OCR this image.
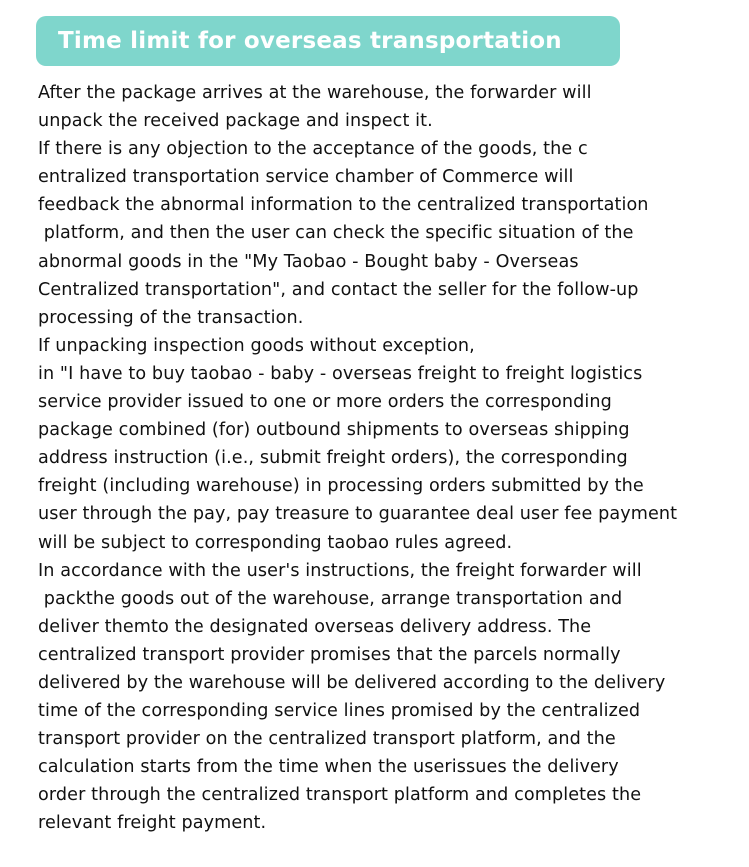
Time limit for overseas transportation
After the package arrives at the warehouse, the forwarder will
unpack the received package and inspect it.
If there is any objection to the acceptance of the goods, the c
entralized transportation service chamber of Commerce will
feedback the abnormal information to the centralized transportation
platform, and then the user can check the specific situation of the
abnormal goods in the "My Taobao - Bought baby - Overseas
Centralized transportation", and contact the seller for the follow-up
processing of the transaction.
If unpacking inspection goods without exception,
in "I have to buy taobao - baby - overseas freight to freight logistics
service provider issued to one or more orders the corresponding
package combined (for) outbound shipments to overseas shipping
address instruction (i.e., submit freight orders), the corresponding
freight (including warehouse) in processing orders submitted by the
user through the pay, pay treasure to guarantee deal user fee payment
will be subject to corresponding taobao rules agreed.
In accordance with the user's instructions, the freight forwarder will
packthe goods out of the warehouse, arrange transportation and
deliver themto the designated overseas delivery address. The
centralized transport provider promises that the parcels normally
delivered by the warehouse will be delivered according to the delivery
time of the corresponding service lines promised by the centralized
transport provider on the centralized transport platform, and the
calculation starts from the time when the userissues the delivery
order through the centralized transport platform and completes the
relevant freight payment.
